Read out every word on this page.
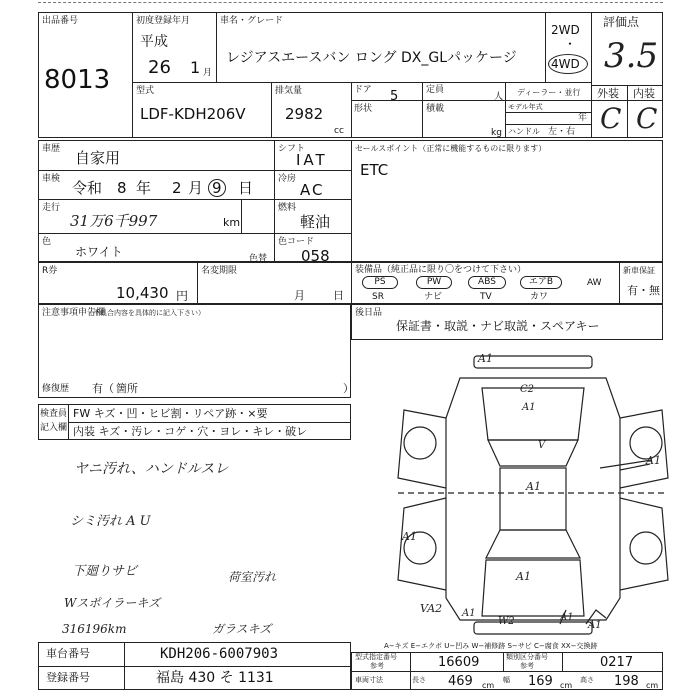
出品番号
8013
初度登録年月
平成
26 1 月
車名・グレード
レジアスエースバン ロング DX_GLパッケージ
2WD
・
4WD
評価点
3.5
外装 内装
C C
型式
LDF-KDH206V
排気量
2982
cc
ドア 5	定員
人
形状	積載
kg
ディーラー・並行
モデル年式
年
ハンドル 左・右
車歴 自家用	シフト
IAT
車検 令和 8 年 2 月 9 日	冷房
AC
走行
31万6千997	km
燃料
軽油
色
ホワイト	色替
色コード
058
セールスポイント（正常に機能するものに限ります）
ETC
R券
10,430 円
名変期限
月	日
装備品（純正品に限り〇をつけて下さい）
PS	PW	ABS	エアB	AW
SR	ナビ	TV	カワ
新車保証
有・無
注意事項申告欄
（不具合内容を具体的に記入下さい）	後日品
保証書・取説・ナビ取説・スペアキー
修復歴 有（ 箇所	）
検査員
記入欄
FW キズ・凹・ヒビ割・リペア跡・×要
内装 キズ・汚レ・コゲ・穴・ヨレ・キレ・破レ
ヤニ汚れ、ハンドルスレ
シミ汚れ A U
下廻りサビ
Wスポイラーキズ
316196km
荷室汚れ
ガラスキズ
A1
C2
A1
V
A1
A1
A1
A1
VA2 A1
W2	A1
A1
A−キズ E−エクボ U−凹み W−補修跡 S−サビ C−腐食 XX−交換跡
車台番号	KDH206-6007903
登録番号	福島 430 そ 1131
型式指定番号
参考	16609	類別区分番号
参考	0217
車両寸法	長さ 469 cm
幅 169 cm
高さ 198 cm
